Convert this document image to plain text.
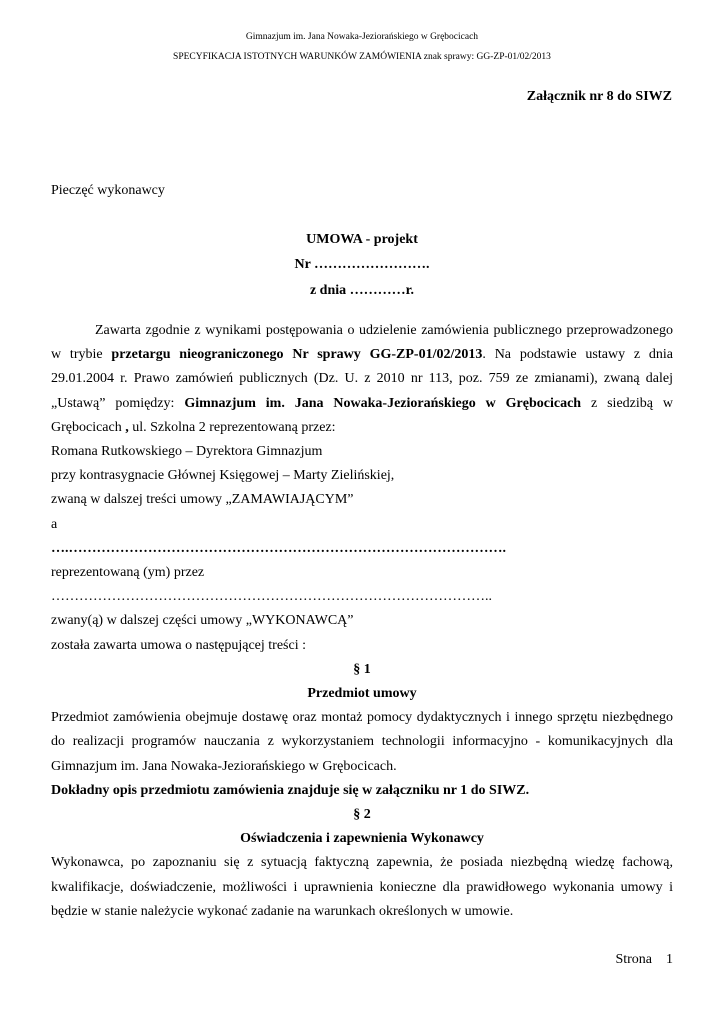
Gimnazjum im. Jana Nowaka-Jeziorańskiego w Grębocicach
SPECYFIKACJA ISTOTNYCH WARUNKÓW ZAMÓWIENIA znak sprawy: GG-ZP-01/02/2013
Załącznik nr 8 do SIWZ
Pieczęć wykonawcy
UMOWA - projekt
Nr …………………….
z dnia …………r.

Zawarta zgodnie z wynikami postępowania o udzielenie zamówienia publicznego przeprowadzonego w trybie przetargu nieograniczonego Nr sprawy GG-ZP-01/02/2013. Na podstawie ustawy z dnia 29.01.2004 r. Prawo zamówień publicznych (Dz. U. z 2010 nr 113, poz. 759 ze zmianami), zwaną dalej „Ustawą” pomiędzy: Gimnazjum im. Jana Nowaka-Jeziorańskiego w Grębocicach z siedzibą w Grębocicach , ul. Szkolna 2 reprezentowaną przez:

Romana Rutkowskiego – Dyrektora Gimnazjum

przy kontrasygnacie Głównej Księgowej – Marty Zielińskiej,

zwaną w dalszej treści umowy „ZAMAWIAJĄCYM”

a

….………………………………………………………………………………….

reprezentowaną (ym) przez

…………………………………………………………………………………..

zwany(ą) w dalszej części umowy „WYKONAWCĄ”

została zawarta umowa o następującej treści :

§ 1

Przedmiot umowy

Przedmiot zamówienia obejmuje dostawę oraz montaż pomocy dydaktycznych i innego sprzętu niezbędnego do realizacji programów nauczania z wykorzystaniem technologii informacyjno - komunikacyjnych dla Gimnazjum im. Jana Nowaka-Jeziorańskiego w Grębocicach.

Dokładny opis przedmiotu zamówienia znajduje się w załączniku nr 1 do SIWZ.

§ 2

Oświadczenia i zapewnienia Wykonawcy

Wykonawca, po zapoznaniu się z sytuacją faktyczną zapewnia, że posiada niezbędną wiedzę fachową, kwalifikacje, doświadczenie, możliwości i uprawnienia konieczne dla prawidłowego wykonania umowy i będzie w stanie należycie wykonać zadanie na warunkach określonych w umowie.

Strona 1
